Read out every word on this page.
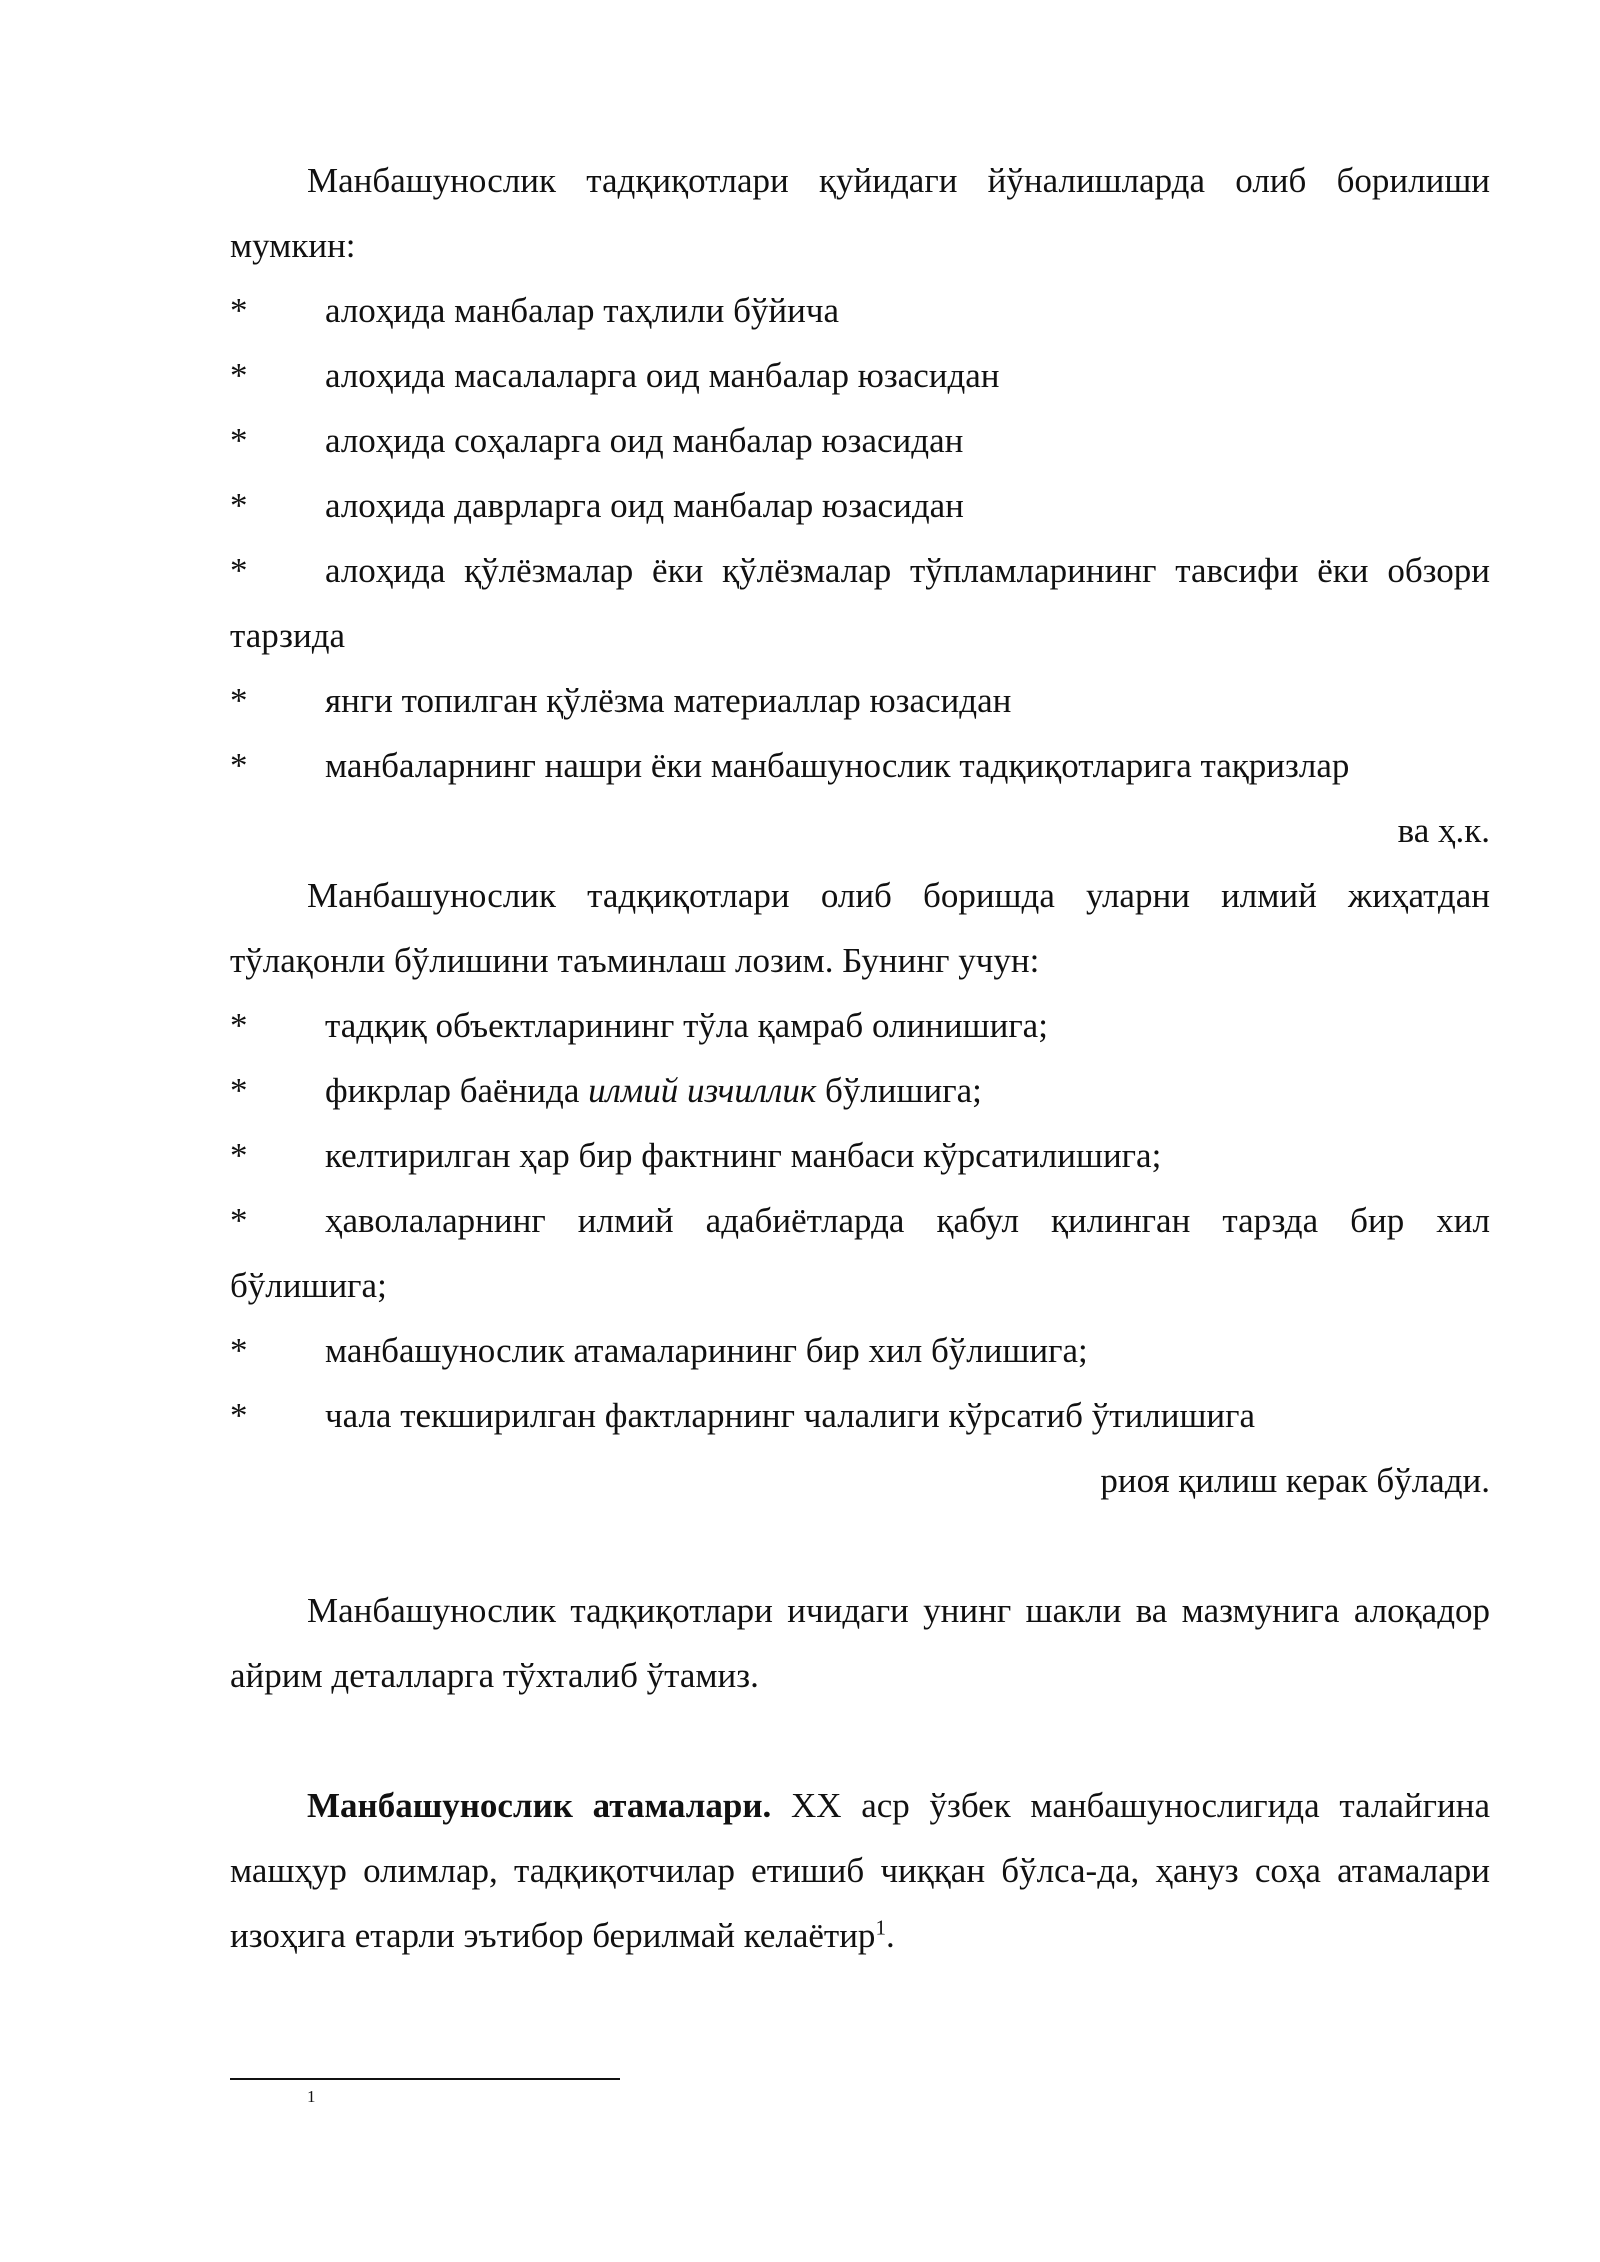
Манбашунослик тадқиқотлари қуйидаги йўналишларда олиб борилиши мумкин:

* алоҳида манбалар таҳлили бўйича

* алоҳида масалаларга оид манбалар юзасидан

* алоҳида соҳаларга оид манбалар юзасидан

* алоҳида даврларга оид манбалар юзасидан

* алоҳида қўлёзмалар ёки қўлёзмалар тўпламларининг тавсифи ёки обзори тарзида

* янги топилган қўлёзма материаллар юзасидан

* манбаларнинг нашри ёки манбашунослик тадқиқотларига тақризлар

ва ҳ.к.

Манбашунослик тадқиқотлари олиб боришда уларни илмий жиҳатдан тўлақонли бўлишини таъминлаш лозим. Бунинг учун:

* тадқиқ объектларининг тўла қамраб олинишига;

* фикрлар баёнида илмий изчиллик бўлишига;

* келтирилган ҳар бир фактнинг манбаси кўрсатилишига;

* ҳаволаларнинг илмий адабиётларда қабул қилинган тарзда бир хил бўлишига;

* манбашунослик атамаларининг бир хил бўлишига;

* чала текширилган фактларнинг чалалиги кўрсатиб ўтилишига

риоя қилиш керак бўлади.

Манбашунослик тадқиқотлари ичидаги унинг шакли ва мазмунига алоқадор айрим деталларга тўхталиб ўтамиз.

Манбашунослик атамалари. XX аср ўзбек манбашунослигида талайгина машҳур олимлар, тадқиқотчилар етишиб чиққан бўлса-да, ҳануз соҳа атамалари изоҳига етарли эътибор берилмай келаётир$^1$.

1
